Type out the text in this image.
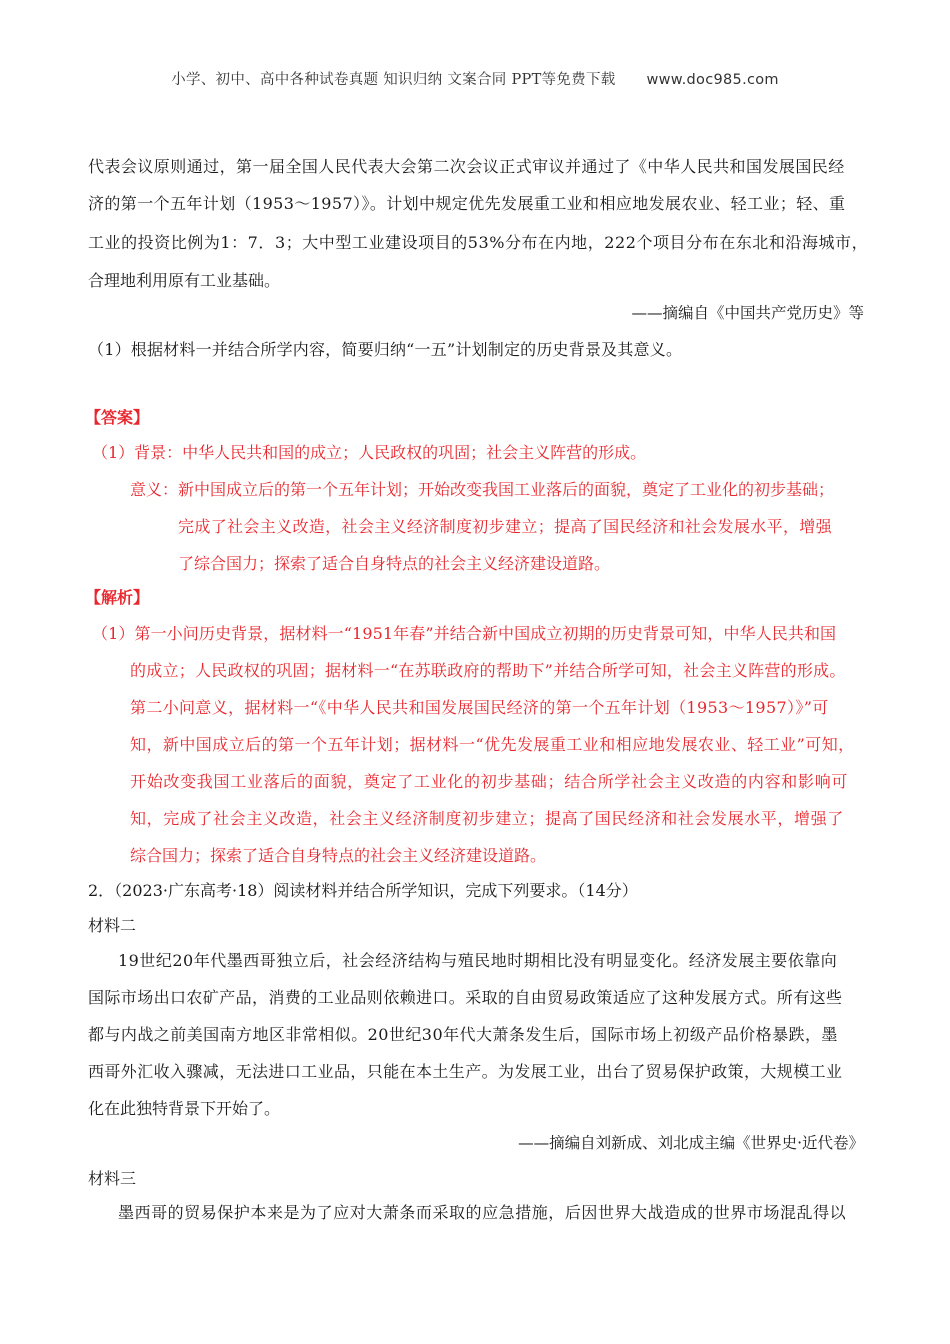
小学、初中、高中各种试卷真题 知识归纳 文案合同 PPT等免费下载 www.doc985.com
代表会议原则通过，第一届全国人民代表大会第二次会议正式审议并通过了《中华人民共和国发展国民经
济的第一个五年计划（1953～1957）》。计划中规定优先发展重工业和相应地发展农业、轻工业；轻、重
工业的投资比例为1：7．3；大中型工业建设项目的53%分布在内地，222个项目分布在东北和沿海城市，
合理地利用原有工业基础。
——摘编自《中国共产党历史》等
（1）根据材料一并结合所学内容，简要归纳“一五”计划制定的历史背景及其意义。
【答案】
（1）背景：中华人民共和国的成立；人民政权的巩固；社会主义阵营的形成。
意义：新中国成立后的第一个五年计划；开始改变我国工业落后的面貌，奠定了工业化的初步基础；
完成了社会主义改造，社会主义经济制度初步建立；提高了国民经济和社会发展水平，增强
了综合国力；探索了适合自身特点的社会主义经济建设道路。
【解析】
（1）第一小问历史背景，据材料一“1951年春”并结合新中国成立初期的历史背景可知，中华人民共和国
的成立；人民政权的巩固；据材料一“在苏联政府的帮助下”并结合所学可知，社会主义阵营的形成。
第二小问意义，据材料一“《中华人民共和国发展国民经济的第一个五年计划（1953～1957）》”可
知，新中国成立后的第一个五年计划；据材料一“优先发展重工业和相应地发展农业、轻工业”可知，
开始改变我国工业落后的面貌，奠定了工业化的初步基础；结合所学社会主义改造的内容和影响可
知，完成了社会主义改造，社会主义经济制度初步建立；提高了国民经济和社会发展水平，增强了
综合国力；探索了适合自身特点的社会主义经济建设道路。
2．（2023·广东高考·18）阅读材料并结合所学知识，完成下列要求。（14分）
材料二
19世纪20年代墨西哥独立后，社会经济结构与殖民地时期相比没有明显变化。经济发展主要依靠向
国际市场出口农矿产品，消费的工业品则依赖进口。采取的自由贸易政策适应了这种发展方式。所有这些
都与内战之前美国南方地区非常相似。20世纪30年代大萧条发生后，国际市场上初级产品价格暴跌，墨
西哥外汇收入骤减，无法进口工业品，只能在本土生产。为发展工业，出台了贸易保护政策，大规模工业
化在此独特背景下开始了。
——摘编自刘新成、刘北成主编《世界史·近代卷》
材料三
墨西哥的贸易保护本来是为了应对大萧条而采取的应急措施，后因世界大战造成的世界市场混乱得以
